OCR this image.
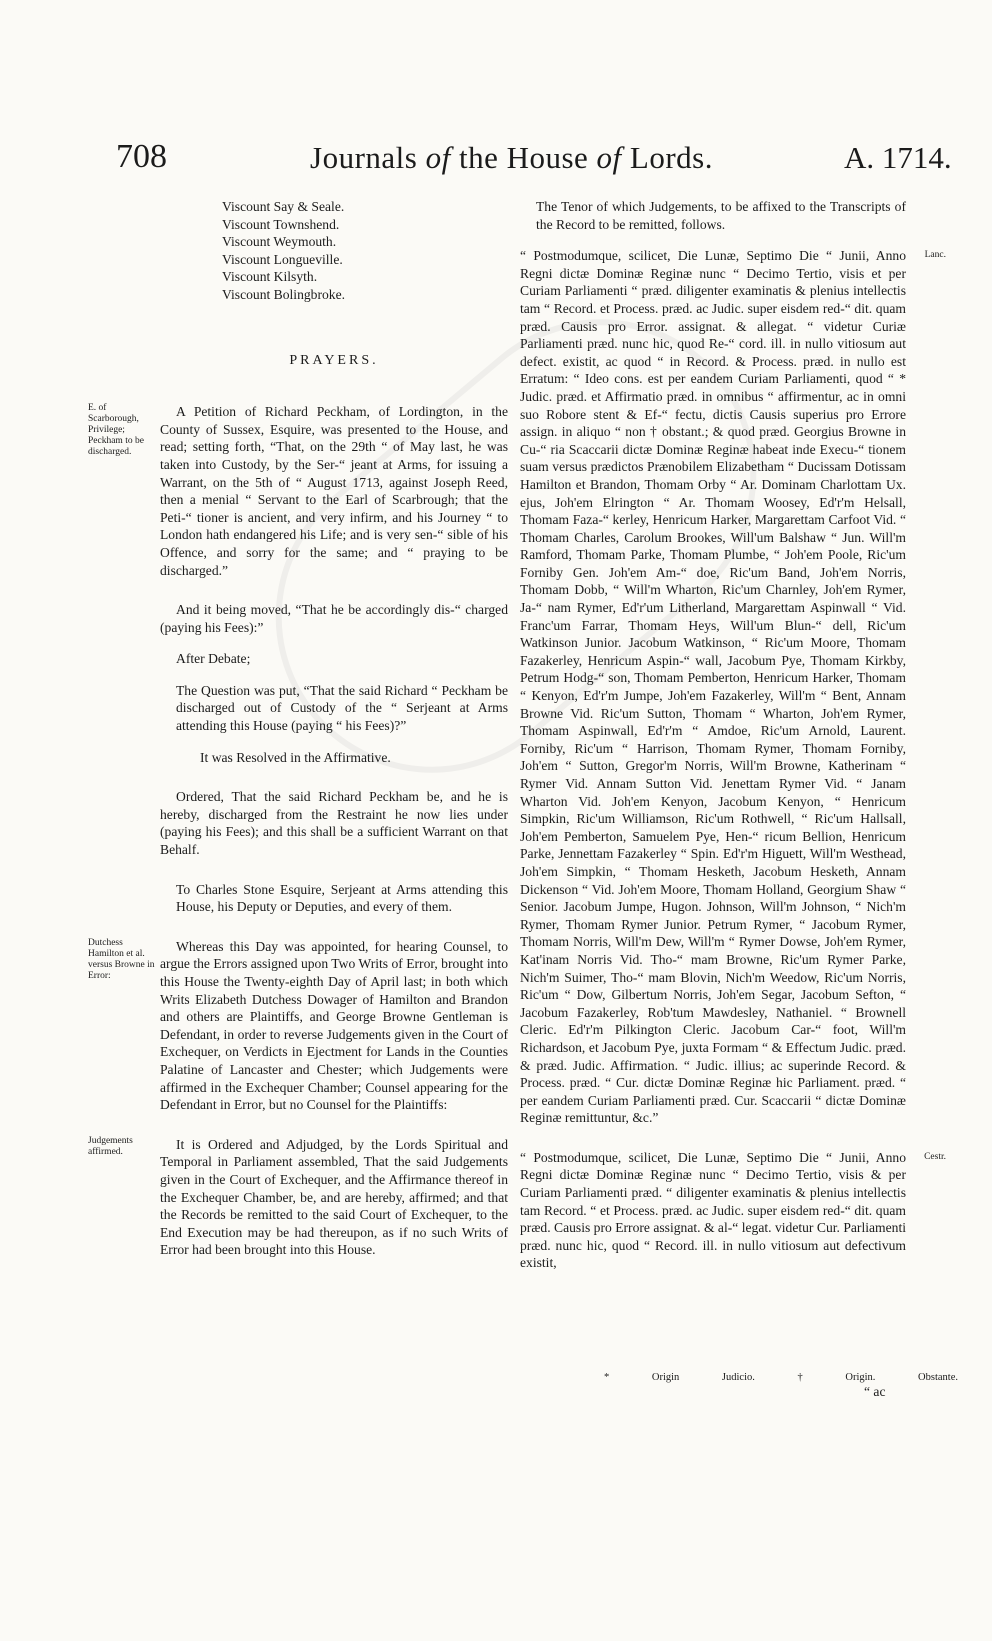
708	Journals of the House of Lords.	A. 1714.
Viscount Say & Seale.
Viscount Townshend.
Viscount Weymouth.
Viscount Longueville.
Viscount Kilsyth.
Viscount Bolingbroke.
PRAYERS.
E. of Scarborough, Privilege; Peckham to be discharged.

A Petition of Richard Peckham, of Lordington, in the County of Sussex, Esquire, was presented to the House, and read; setting forth, “That, on the 29th “ of May last, he was taken into Custody, by the Ser-“ jeant at Arms, for issuing a Warrant, on the 5th of “ August 1713, against Joseph Reed, then a menial “ Servant to the Earl of Scarbrough; that the Peti-“ tioner is ancient, and very infirm, and his Journey “ to London hath endangered his Life; and is very sen-“ sible of his Offence, and sorry for the same; and “ praying to be discharged.”

And it being moved, “That he be accordingly dis-“ charged (paying his Fees):”

After Debate;

The Question was put, “That the said Richard “ Peckham be discharged out of Custody of the “ Serjeant at Arms attending this House (paying “ his Fees)?”

It was Resolved in the Affirmative.

Ordered, That the said Richard Peckham be, and he is hereby, discharged from the Restraint he now lies under (paying his Fees); and this shall be a sufficient Warrant on that Behalf.

To Charles Stone Esquire, Serjeant at Arms attending this House, his Deputy or Deputies, and every of them.

Dutchess Hamilton et al. versus Browne in Error:

Whereas this Day was appointed, for hearing Counsel, to argue the Errors assigned upon Two Writs of Error, brought into this House the Twenty-eighth Day of April last; in both which Writs Elizabeth Dutchess Dowager of Hamilton and Brandon and others are Plaintiffs, and George Browne Gentleman is Defendant, in order to reverse Judgements given in the Court of Exchequer, on Verdicts in Ejectment for Lands in the Counties Palatine of Lancaster and Chester; which Judgements were affirmed in the Exchequer Chamber; Counsel appearing for the Defendant in Error, but no Counsel for the Plaintiffs:

Judgements affirmed.	It is Ordered and Adjudged, by the Lords Spiritual and Temporal in Parliament assembled, That the said Judgements given in the Court of Exchequer, and the Affirmance thereof in the Exchequer Chamber, be, and are hereby, affirmed; and that the Records be remitted to the said Court of Exchequer, to the End Execution may be had thereupon, as if no such Writs of Error had been brought into this House.

The Tenor of which Judgements, to be affixed to the Transcripts of the Record to be remitted, follows.

Lanc.

“ Postmodumque, scilicet, Die Lunæ, Septimo Die “ Junii, Anno Regni dictæ Dominæ Reginæ nunc “ Decimo Tertio, visis et per Curiam Parliamenti “ præd. diligenter examinatis & plenius intellectis tam “ Record. et Process. præd. ac Judic. super eisdem red-“ dit. quam præd. Causis pro Error. assignat. & allegat. “ videtur Curiæ Parliamenti præd. nunc hic, quod Re-“ cord. ill. in nullo vitiosum aut defect. existit, ac quod “ in Record. & Process. præd. in nullo est Erratum: “ Ideo cons. est per eandem Curiam Parliamenti, quod “ * Judic. præd. et Affirmatio præd. in omnibus “ affirmentur, ac in omni suo Robore stent & Ef-“ fectu, dictis Causis superius pro Errore assign. in aliquo “ non † obstant.; & quod præd. Georgius Browne in Cu-“ ria Scaccarii dictæ Dominæ Reginæ habeat inde Execu-“ tionem suam versus prædictos Prænobilem Elizabetham “ Ducissam Dotissam Hamilton et Brandon, Thomam Orby “ Ar. Dominam Charlottam Ux. ejus, Joh'em Elrington “ Ar. Thomam Woosey, Ed'r'm Helsall, Thomam Faza-“ kerley, Henricum Harker, Margarettam Carfoot Vid. “ Thomam Charles, Carolum Brookes, Will'um Balshaw “ Jun. Will'm Ramford, Thomam Parke, Thomam Plumbe, “ Joh'em Poole, Ric'um Forniby Gen. Joh'em Am-“ doe, Ric'um Band, Joh'em Norris, Thomam Dobb, “ Will'm Wharton, Ric'um Charnley, Joh'em Rymer, Ja-“ nam Rymer, Ed'r'um Litherland, Margarettam Aspinwall “ Vid. Franc'um Farrar, Thomam Heys, Will'um Blun-“ dell, Ric'um Watkinson Junior. Jacobum Watkinson, “ Ric'um Moore, Thomam Fazakerley, Henricum Aspin-“ wall, Jacobum Pye, Thomam Kirkby, Petrum Hodg-“ son, Thomam Pemberton, Henricum Harker, Thomam “ Kenyon, Ed'r'm Jumpe, Joh'em Fazakerley, Will'm “ Bent, Annam Browne Vid. Ric'um Sutton, Thomam “ Wharton, Joh'em Rymer, Thomam Aspinwall, Ed'r'm “ Amdoe, Ric'um Arnold, Laurent. Forniby, Ric'um “ Harrison, Thomam Rymer, Thomam Forniby, Joh'em “ Sutton, Gregor'm Norris, Will'm Browne, Katherinam “ Rymer Vid. Annam Sutton Vid. Jenettam Rymer Vid. “ Janam Wharton Vid. Joh'em Kenyon, Jacobum Kenyon, “ Henricum Simpkin, Ric'um Williamson, Ric'um Rothwell, “ Ric'um Hallsall, Joh'em Pemberton, Samuelem Pye, Hen-“ ricum Bellion, Henricum Parke, Jennettam Fazakerley “ Spin. Ed'r'm Higuett, Will'm Westhead, Joh'em Simpkin, “ Thomam Hesketh, Jacobum Hesketh, Annam Dickenson “ Vid. Joh'em Moore, Thomam Holland, Georgium Shaw “ Senior. Jacobum Jumpe, Hugon. Johnson, Will'm Johnson, “ Nich'm Rymer, Thomam Rymer Junior. Petrum Rymer, “ Jacobum Rymer, Thomam Norris, Will'm Dew, Will'm “ Rymer Dowse, Joh'em Rymer, Kat'inam Norris Vid. Tho-“ mam Browne, Ric'um Rymer Parke, Nich'm Suimer, Tho-“ mam Blovin, Nich'm Weedow, Ric'um Norris, Ric'um “ Dow, Gilbertum Norris, Joh'em Segar, Jacobum Sefton, “ Jacobum Fazakerley, Rob'tum Mawdesley, Nathaniel. “ Brownell Cleric. Ed'r'm Pilkington Cleric. Jacobum Car-“ foot, Will'm Richardson, et Jacobum Pye, juxta Formam “ & Effectum Judic. præd. & præd. Judic. Affirmation. “ Judic. illius; ac superinde Record. & Process. præd. “ Cur. dictæ Dominæ Reginæ hic Parliament. præd. “ per eandem Curiam Parliamenti præd. Cur. Scaccarii “ dictæ Dominæ Reginæ remittuntur, &c.”

Cestr.

“ Postmodumque, scilicet, Die Lunæ, Septimo Die “ Junii, Anno Regni dictæ Dominæ Reginæ nunc “ Decimo Tertio, visis & per Curiam Parliamenti præd. “ diligenter examinatis & plenius intellectis tam Record. “ et Process. præd. ac Judic. super eisdem red-“ dit. quam præd. Causis pro Errore assignat. & al-“ legat. videtur Cur. Parliamenti præd. nunc hic, quod “ Record. ill. in nullo vitiosum aut defectivum existit,

* Origin Judicio. † Origin. Obstante.
“ ac
